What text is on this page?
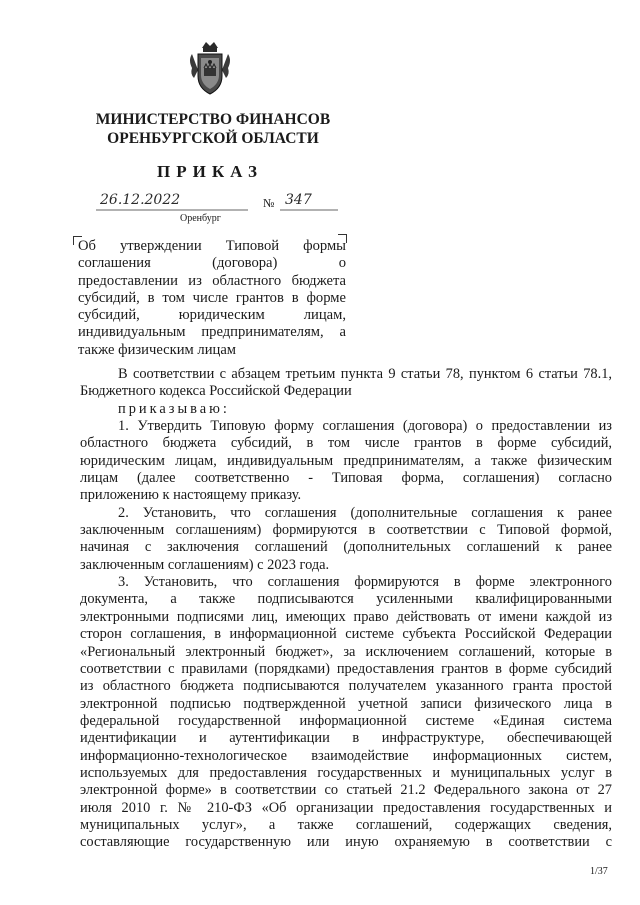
МИНИСТЕРСТВО ФИНАНСОВ
ОРЕНБУРГСКОЙ ОБЛАСТИ
ПРИКАЗ
26.12.2022	№ 347
Оренбург
Об утверждении Типовой формы
соглашения (договора) о
предоставлении из областного бюджета
субсидий, в том числе грантов в форме
субсидий, юридическим лицам,
индивидуальным предпринимателям, а
также физическим лицам
В соответствии с абзацем третьим пункта 9 статьи 78, пунктом 6 статьи 78.1,
Бюджетного кодекса Российской Федерации
приказываю:
1. Утвердить Типовую форму соглашения (договора) о предоставлении из
областного бюджета субсидий, в том числе грантов в форме субсидий,
юридическим лицам, индивидуальным предпринимателям, а также физическим
лицам (далее соответственно - Типовая форма, соглашения) согласно
приложению к настоящему приказу.
2. Установить, что соглашения (дополнительные соглашения к ранее
заключенным соглашениям) формируются в соответствии с Типовой формой,
начиная с заключения соглашений (дополнительных соглашений к ранее
заключенным соглашениям) с 2023 года.
3. Установить, что соглашения формируются в форме электронного
документа, а также подписываются усиленными квалифицированными
электронными подписями лиц, имеющих право действовать от имени каждой из
сторон соглашения, в информационной системе субъекта Российской Федерации
«Региональный электронный бюджет», за исключением соглашений, которые в
соответствии с правилами (порядками) предоставления грантов в форме субсидий
из областного бюджета подписываются получателем указанного гранта простой
электронной подписью подтвержденной учетной записи физического лица в
федеральной государственной информационной системе «Единая система
идентификации и аутентификации в инфраструктуре, обеспечивающей
информационно-технологическое взаимодействие информационных систем,
используемых для предоставления государственных и муниципальных услуг в
электронной форме» в соответствии со статьей 21.2 Федерального закона от 27
июля 2010 г. № 210-ФЗ «Об организации предоставления государственных и
муниципальных услуг», а также соглашений, содержащих сведения,
составляющие государственную или иную охраняемую в соответствии с
1/37
